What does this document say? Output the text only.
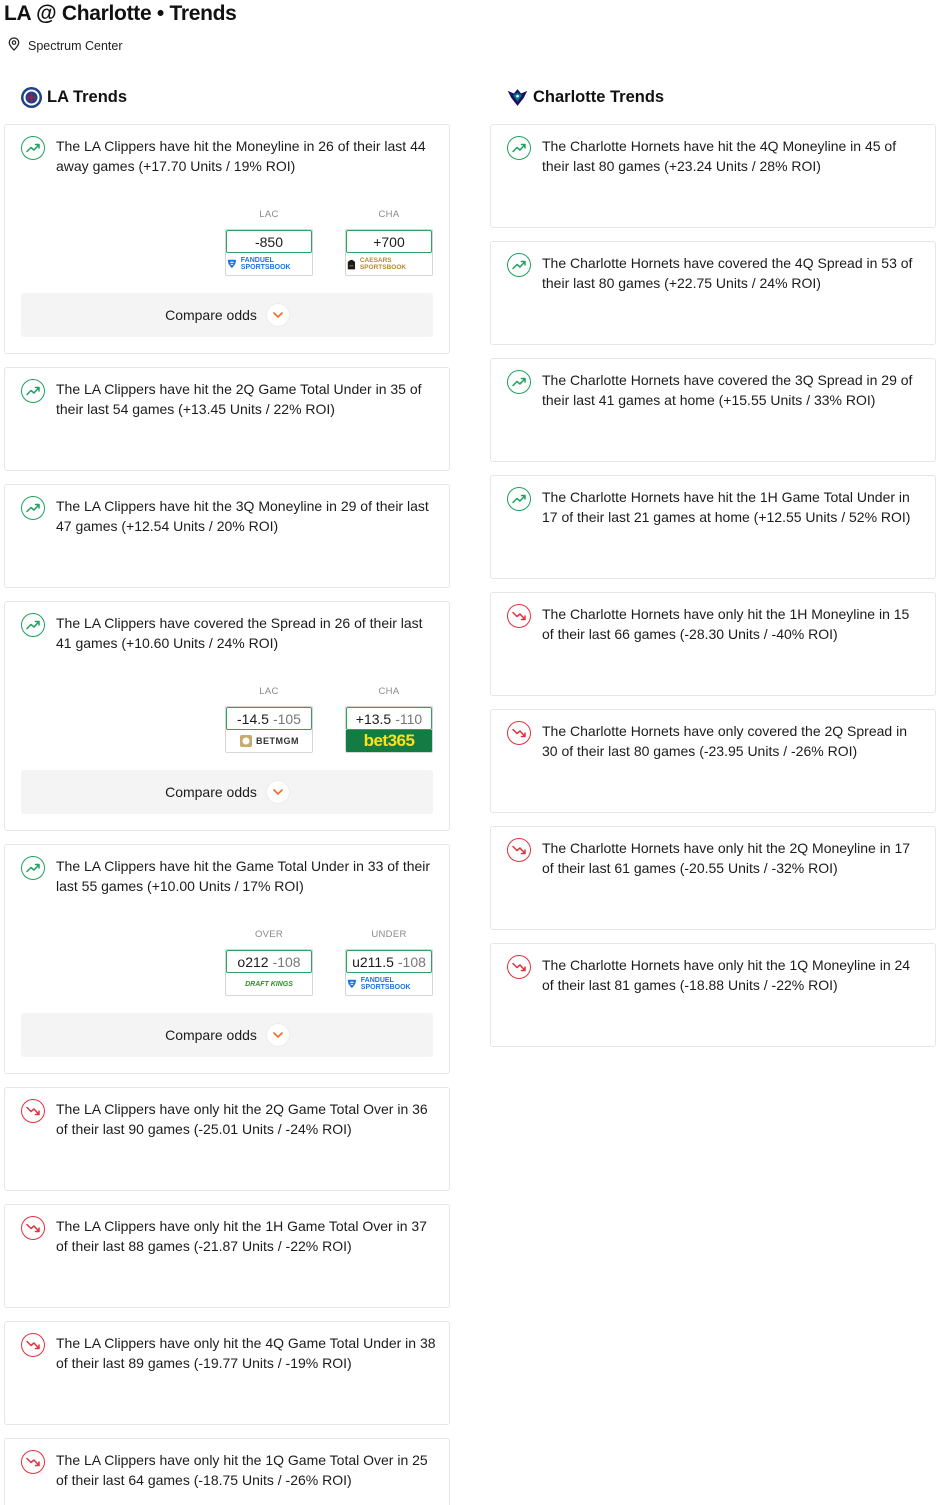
LA @ Charlotte • Trends
Spectrum Center
LA Trends
The LA Clippers have hit the Moneyline in 26 of their last 44 away games (+17.70 Units / 19% ROI)
LAC
-850
FANDUEL SPORTSBOOK
CHA
+700
CAESARS SPORTSBOOK
Compare odds
The LA Clippers have hit the 2Q Game Total Under in 35 of their last 54 games (+13.45 Units / 22% ROI)
The LA Clippers have hit the 3Q Moneyline in 29 of their last 47 games (+12.54 Units / 20% ROI)
The LA Clippers have covered the Spread in 26 of their last 41 games (+10.60 Units / 24% ROI)
LAC
-14.5 -105
BETMGM
CHA
+13.5 -110
bet365
Compare odds
The LA Clippers have hit the Game Total Under in 33 of their last 55 games (+10.00 Units / 17% ROI)
OVER
o212 -108
DRAFT KINGS
UNDER
u211.5 -108
FANDUEL SPORTSBOOK
Compare odds
The LA Clippers have only hit the 2Q Game Total Over in 36 of their last 90 games (-25.01 Units / -24% ROI)
The LA Clippers have only hit the 1H Game Total Over in 37 of their last 88 games (-21.87 Units / -22% ROI)
The LA Clippers have only hit the 4Q Game Total Under in 38 of their last 89 games (-19.77 Units / -19% ROI)
The LA Clippers have only hit the 1Q Game Total Over in 25 of their last 64 games (-18.75 Units / -26% ROI)
Charlotte Trends
The Charlotte Hornets have hit the 4Q Moneyline in 45 of their last 80 games (+23.24 Units / 28% ROI)
The Charlotte Hornets have covered the 4Q Spread in 53 of their last 80 games (+22.75 Units / 24% ROI)
The Charlotte Hornets have covered the 3Q Spread in 29 of their last 41 games at home (+15.55 Units / 33% ROI)
The Charlotte Hornets have hit the 1H Game Total Under in 17 of their last 21 games at home (+12.55 Units / 52% ROI)
The Charlotte Hornets have only hit the 1H Moneyline in 15 of their last 66 games (-28.30 Units / -40% ROI)
The Charlotte Hornets have only covered the 2Q Spread in 30 of their last 80 games (-23.95 Units / -26% ROI)
The Charlotte Hornets have only hit the 2Q Moneyline in 17 of their last 61 games (-20.55 Units / -32% ROI)
The Charlotte Hornets have only hit the 1Q Moneyline in 24 of their last 81 games (-18.88 Units / -22% ROI)
